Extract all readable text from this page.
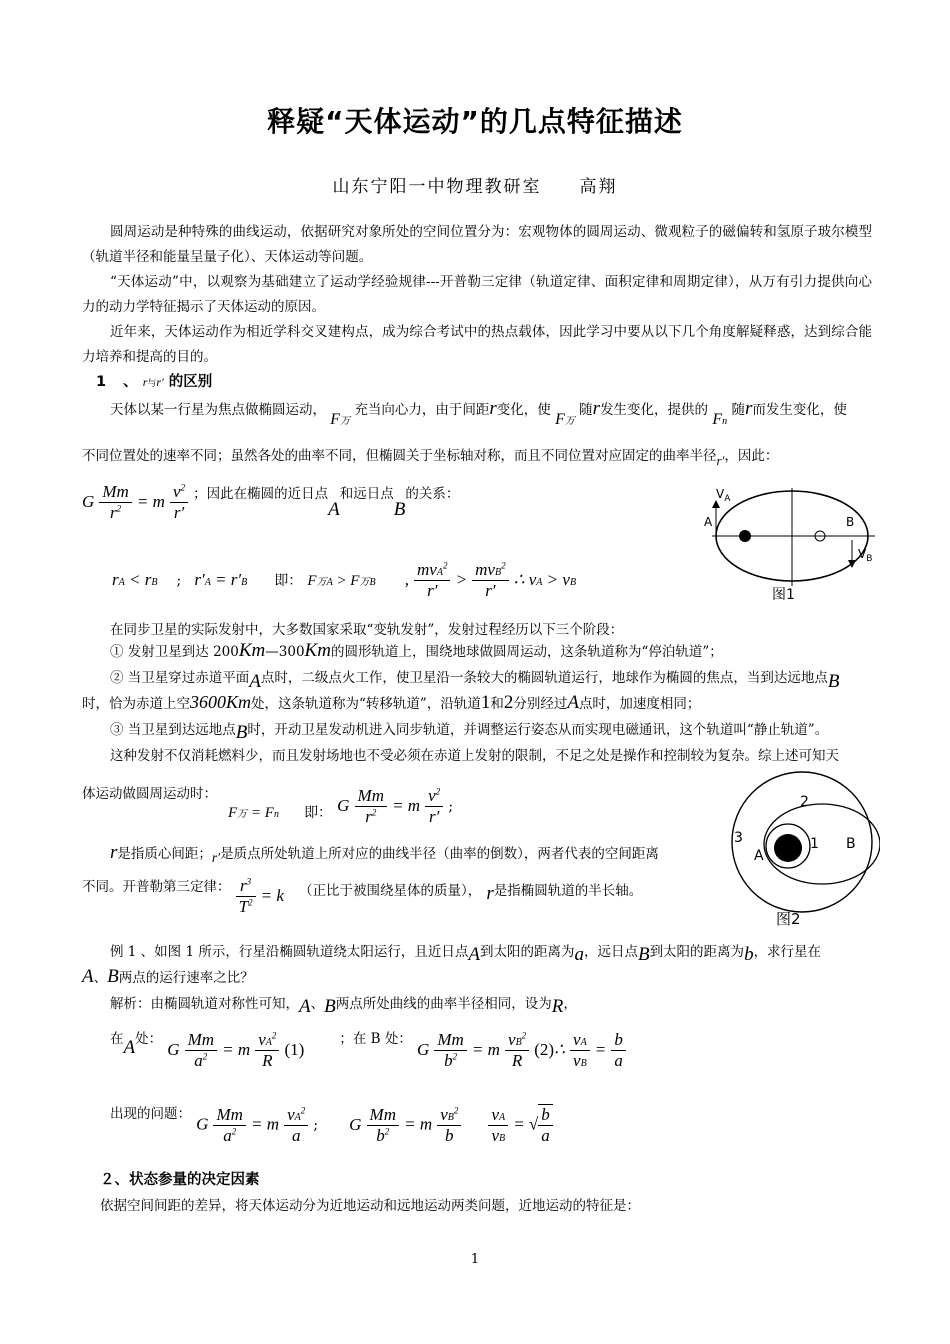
释疑“天体运动”的几点特征描述
山东宁阳一中物理教研室　　高翔
圆周运动是种特殊的曲线运动，依据研究对象所处的空间位置分为：宏观物体的圆周运动、微观粒子的磁偏转和氢原子玻尔模型（轨道半径和能量呈量子化）、天体运动等问题。
“天体运动”中，以观察为基础建立了运动学经验规律---开普勒三定律（轨道定律、面积定律和周期定律），从万有引力提供向心力的动力学特征揭示了天体运动的原因。
近年来，天体运动作为相近学科交叉建构点，成为综合考试中的热点载体，因此学习中要从以下几个角度解疑释惑，达到综合能力培养和提高的目的。
1 、 r与r′ 的区别
天体以某一行星为焦点做椭圆运动， F万 充当向心力，由于间距r变化，使 F万 随r发生变化，提供的 Fn 随r而发生变化，使
不同位置处的速率不同；虽然各处的曲率不同，但椭圆关于坐标轴对称，而且不同位置对应固定的曲率半径r′，因此：
G $\frac{Mm}{r^2} = m \frac{v^2}{r'} ^{;因此在椭圆的近日点}A^{和远日点}B^{的关系:}$
rA < rB ; r′A = r′B 即： F万A > F万B , $\frac{mvA^2}{r'} > \frac{mvB^2}{r'}$ ∴ vA > vB
$V_A$
A	B
$V_B$
图1
在同步卫星的实际发射中，大多数国家采取“变轨发射”，发射过程经历以下三个阶段：
① 发射卫星到达 200Km—300Km的圆形轨道上，围绕地球做圆周运动，这条轨道称为“停泊轨道”；
② 当卫星穿过赤道平面A点时，二级点火工作，使卫星沿一条较大的椭圆轨道运行，地球作为椭圆的焦点，当到达远地点B
时，恰为赤道上空3600Km处，这条轨道称为“转移轨道”，沿轨道1和2分别经过A点时，加速度相同；
③ 当卫星到达远地点B时，开动卫星发动机进入同步轨道，并调整运行姿态从而实现电磁通讯，这个轨道叫“静止轨道”。
这种发射不仅消耗燃料少，而且发射场地也不受必须在赤道上发射的限制，不足之处是操作和控制较为复杂。综上述可知天
体运动做圆周运动时：
F万 = Fn 即： G $\frac{Mm}{r^2} = m \frac{v^2}{r'}$ ;
r是指质心间距；r′是质点所处轨道上所对应的曲线半径（曲率的倒数），两者代表的空间距离
$^{不同。开普勒第三定律:} \frac{r^3}{T^2} = k$ $^{(正比于被围绕星体的质量),}$ $r^{是指椭圆轨道的半长轴。}$
3
2
1
A
B
图2
例 1 、如图 1 所示，行星沿椭圆轨道绕太阳运行，且近日点A到太阳的距离为a，远日点B到太阳的距离为b，求行星在
A、B两点的运行速率之比？
解析：由椭圆轨道对称性可知，A、B两点所处曲线的曲率半径相同，设为R，
$^在A^{处:}$ G $\frac{Mm}{a^2} = m \frac{vA^2}{R} (1)$ $^{;在 B 处:}$ G $\frac{Mm}{b^2} = m \frac{vB^2}{R}$ (2)∴ $\frac{vA}{vB} = \frac{b}{a}$
$^{出现的问题:}$ G $\frac{Mm}{a^2} = m \frac{vA^2}{a}$ ; G $\frac{Mm}{b^2} = m \frac{vB^2}{b}$
$\frac{vA}{vB}$ = √ $\frac{b}{a}$
２、状态参量的决定因素
依据空间间距的差异，将天体运动分为近地运动和远地运动两类问题，近地运动的特征是：
1
